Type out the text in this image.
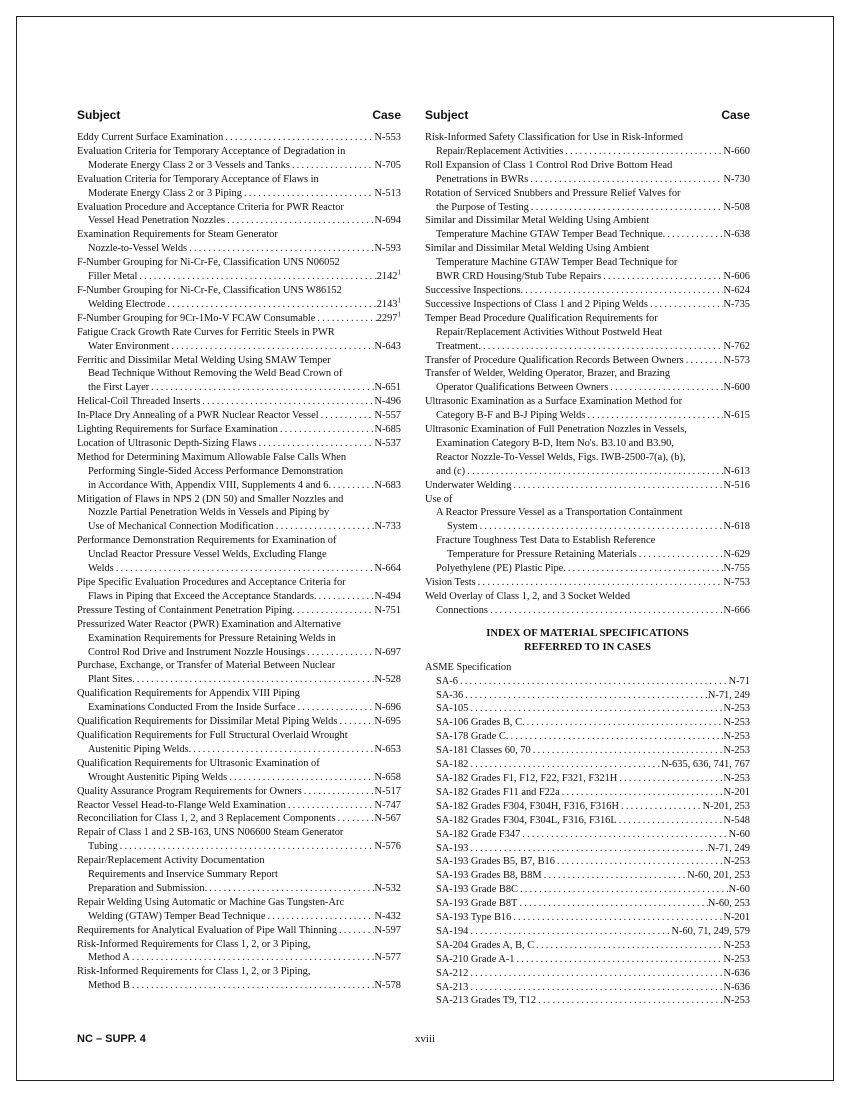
Subject	Case
Eddy Current Surface Examination .....	N-553
Evaluation Criteria for Temporary Acceptance of Degradation in
Moderate Energy Class 2 or 3 Vessels and Tanks .....	N-705
Evaluation Criteria for Temporary Acceptance of Flaws in
Moderate Energy Class 2 or 3 Piping .....	N-513
Evaluation Procedure and Acceptance Criteria for PWR Reactor
Vessel Head Penetration Nozzles .....	N-694
Examination Requirements for Steam Generator
Nozzle-to-Vessel Welds .....	N-593
F-Number Grouping for Ni-Cr-Fe, Classification UNS N06052
Filler Metal .....	2142$^1$
F-Number Grouping for Ni-Cr-Fe, Classification UNS W86152
Welding Electrode .....	2143$^1$
F-Number Grouping for 9Cr-1Mo-V FCAW Consumable .....	2297$^1$
Fatigue Crack Growth Rate Curves for Ferritic Steels in PWR
Water Environment .....	N-643
Ferritic and Dissimilar Metal Welding Using SMAW Temper
Bead Technique Without Removing the Weld Bead Crown of
the First Layer .....	N-651
Helical-Coil Threaded Inserts .....	N-496
In-Place Dry Annealing of a PWR Nuclear Reactor Vessel .....	N-557
Lighting Requirements for Surface Examination .....	N-685
Location of Ultrasonic Depth-Sizing Flaws .....	N-537
Method for Determining Maximum Allowable False Calls When
Performing Single-Sided Access Performance Demonstration
in Accordance With, Appendix VIII, Supplements 4 and 6. .....	N-683
Mitigation of Flaws in NPS 2 (DN 50) and Smaller Nozzles and
Nozzle Partial Penetration Welds in Vessels and Piping by
Use of Mechanical Connection Modification .....	N-733
Performance Demonstration Requirements for Examination of
Unclad Reactor Pressure Vessel Welds, Excluding Flange
Welds .....	N-664
Pipe Specific Evaluation Procedures and Acceptance Criteria for
Flaws in Piping that Exceed the Acceptance Standards. .....	N-494
Pressure Testing of Containment Penetration Piping. .....	N-751
Pressurized Water Reactor (PWR) Examination and Alternative
Examination Requirements for Pressure Retaining Welds in
Control Rod Drive and Instrument Nozzle Housings .....	N-697
Purchase, Exchange, or Transfer of Material Between Nuclear
Plant Sites. .....	N-528
Qualification Requirements for Appendix VIII Piping
Examinations Conducted From the Inside Surface .....	N-696
Qualification Requirements for Dissimilar Metal Piping Welds .....	N-695
Qualification Requirements for Full Structural Overlaid Wrought
Austenitic Piping Welds. .....	N-653
Qualification Requirements for Ultrasonic Examination of
Wrought Austenitic Piping Welds .....	N-658
Quality Assurance Program Requirements for Owners .....	N-517
Reactor Vessel Head-to-Flange Weld Examination .....	N-747
Reconciliation for Class 1, 2, and 3 Replacement Components .....	N-567
Repair of Class 1 and 2 SB-163, UNS N06600 Steam Generator
Tubing .....	N-576
Repair/Replacement Activity Documentation
Requirements and Inservice Summary Report
Preparation and Submission. .....	N-532
Repair Welding Using Automatic or Machine Gas Tungsten-Arc
Welding (GTAW) Temper Bead Technique .....	N-432
Requirements for Analytical Evaluation of Pipe Wall Thinning .....	N-597
Risk-Informed Requirements for Class 1, 2, or 3 Piping,
Method A .....	N-577
Risk-Informed Requirements for Class 1, 2, or 3 Piping,
Method B .....	N-578
Subject	Case
Risk-Informed Safety Classification for Use in Risk-Informed
Repair/Replacement Activities .....	N-660
Roll Expansion of Class 1 Control Rod Drive Bottom Head
Penetrations in BWRs .....	N-730
Rotation of Serviced Snubbers and Pressure Relief Valves for
the Purpose of Testing .....	N-508
Similar and Dissimilar Metal Welding Using Ambient
Temperature Machine GTAW Temper Bead Technique. .....	N-638
Similar and Dissimilar Metal Welding Using Ambient
Temperature Machine GTAW Temper Bead Technique for
BWR CRD Housing/Stub Tube Repairs .....	N-606
Successive Inspections. .....	N-624
Successive Inspections of Class 1 and 2 Piping Welds .....	N-735
Temper Bead Procedure Qualification Requirements for
Repair/Replacement Activities Without Postweld Heat
Treatment. .....	N-762
Transfer of Procedure Qualification Records Between Owners .....	N-573
Transfer of Welder, Welding Operator, Brazer, and Brazing
Operator Qualifications Between Owners .....	N-600
Ultrasonic Examination as a Surface Examination Method for
Category B-F and B-J Piping Welds .....	N-615
Ultrasonic Examination of Full Penetration Nozzles in Vessels,
Examination Category B-D, Item No's. B3.10 and B3.90,
Reactor Nozzle-To-Vessel Welds, Figs. IWB-2500-7(a), (b),
and (c) .....	N-613
Underwater Welding .....	N-516
Use of
A Reactor Pressure Vessel as a Transportation Containment
System .....	N-618
Fracture Toughness Test Data to Establish Reference
Temperature for Pressure Retaining Materials .....	N-629
Polyethylene (PE) Plastic Pipe. .....	N-755
Vision Tests .....	N-753
Weld Overlay of Class 1, 2, and 3 Socket Welded
Connections .....	N-666
INDEX OF MATERIAL SPECIFICATIONS
REFERRED TO IN CASES
ASME Specification
SA-6 .....	N-71
SA-36 .....	N-71, 249
SA-105 .....	N-253
SA-106 Grades B, C. .....	N-253
SA-178 Grade C. .....	N-253
SA-181 Classes 60, 70 .....	N-253
SA-182 .....	N-635, 636, 741, 767
SA-182 Grades F1, F12, F22, F321, F321H .....	N-253
SA-182 Grades F11 and F22a .....	N-201
SA-182 Grades F304, F304H, F316, F316H .....	N-201, 253
SA-182 Grades F304, F304L, F316, F316L .....	N-548
SA-182 Grade F347 .....	N-60
SA-193 .....	N-71, 249
SA-193 Grades B5, B7, B16 .....	N-253
SA-193 Grades B8, B8M .....	N-60, 201, 253
SA-193 Grade B8C .....	N-60
SA-193 Grade B8T .....	N-60, 253
SA-193 Type B16 .....	N-201
SA-194 .....	N-60, 71, 249, 579
SA-204 Grades A, B, C .....	N-253
SA-210 Grade A-1 .....	N-253
SA-212 .....	N-636
SA-213 .....	N-636
SA-213 Grades T9, T12 .....	N-253
NC – SUPP. 4	xviii
